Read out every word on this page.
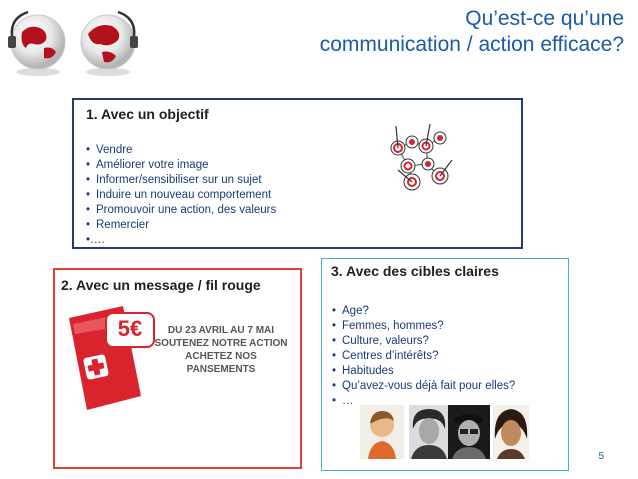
Qu’est-ce qu’une
communication / action efficace?
1. Avec un objectif
• Vendre
• Améliorer votre image
• Informer/sensibiliser sur un sujet
• Induire un nouveau comportement
• Promouvoir une action, des valeurs
• Remercier
•….
2. Avec un message / fil rouge
5€	DU 23 AVRIL AU 7 MAI
SOUTENEZ NOTRE ACTION
ACHETEZ NOS PANSEMENTS
3. Avec des cibles claires
• Age?
• Femmes, hommes?
• Culture, valeurs?
• Centres d’intérêts?
• Habitudes
• Qu’avez-vous déjà fait pour elles?
• …
5
